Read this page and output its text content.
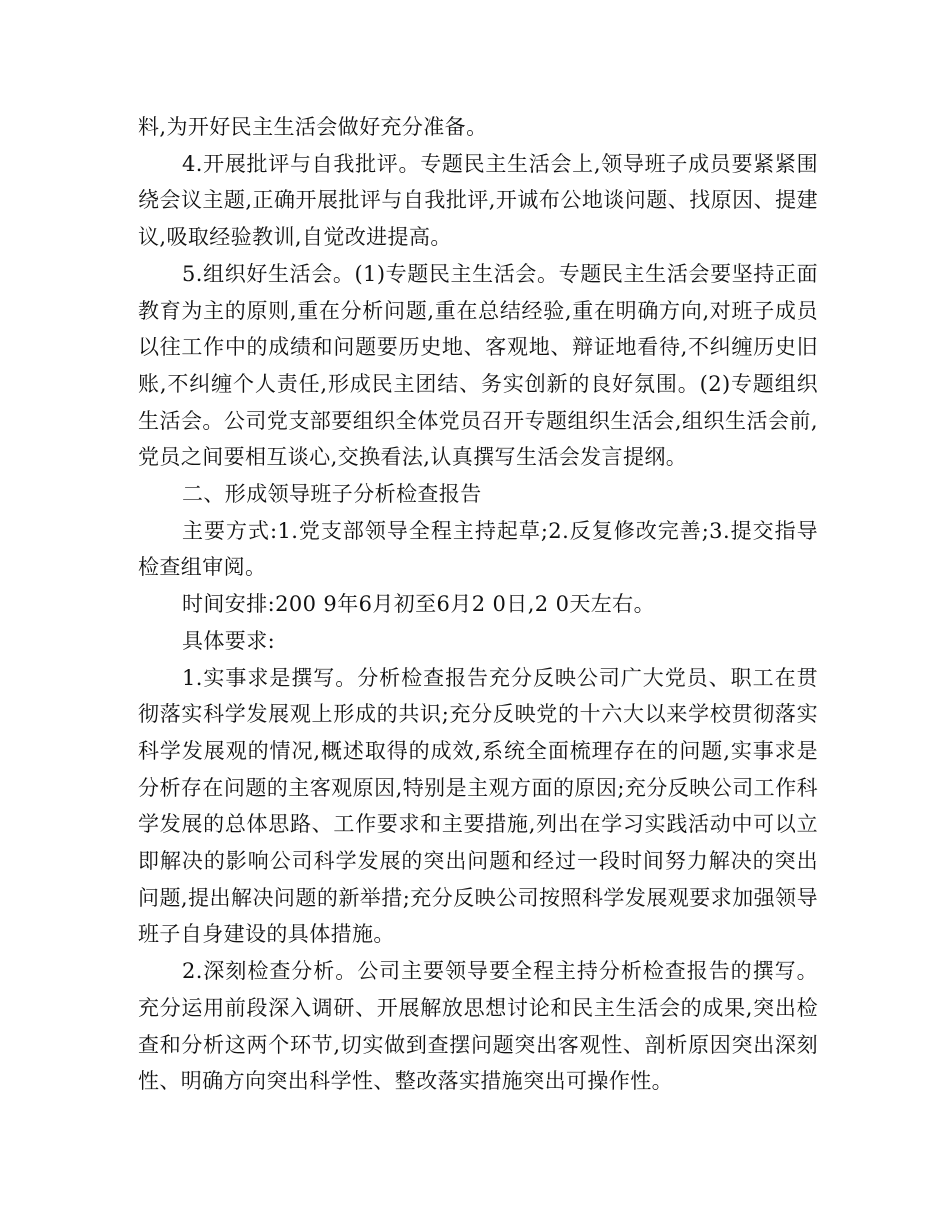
料,为开好民主生活会做好充分准备。

4.开展批评与自我批评。专题民主生活会上,领导班子成员要紧紧围绕会议主题,正确开展批评与自我批评,开诚布公地谈问题、找原因、提建议,吸取经验教训,自觉改进提高。

5.组织好生活会。(1)专题民主生活会。专题民主生活会要坚持正面教育为主的原则,重在分析问题,重在总结经验,重在明确方向,对班子成员以往工作中的成绩和问题要历史地、客观地、辩证地看待,不纠缠历史旧账,不纠缠个人责任,形成民主团结、务实创新的良好氛围。(2)专题组织生活会。公司党支部要组织全体党员召开专题组织生活会,组织生活会前,党员之间要相互谈心,交换看法,认真撰写生活会发言提纲。

二、形成领导班子分析检查报告

主要方式:1.党支部领导全程主持起草;2.反复修改完善;3.提交指导检查组审阅。

时间安排:200 9年6月初至6月2 0日,2 0天左右。

具体要求:

1.实事求是撰写。分析检查报告充分反映公司广大党员、职工在贯彻落实科学发展观上形成的共识;充分反映党的十六大以来学校贯彻落实科学发展观的情况,概述取得的成效,系统全面梳理存在的问题,实事求是分析存在问题的主客观原因,特别是主观方面的原因;充分反映公司工作科学发展的总体思路、工作要求和主要措施,列出在学习实践活动中可以立即解决的影响公司科学发展的突出问题和经过一段时间努力解决的突出问题,提出解决问题的新举措;充分反映公司按照科学发展观要求加强领导班子自身建设的具体措施。

2.深刻检查分析。公司主要领导要全程主持分析检查报告的撰写。充分运用前段深入调研、开展解放思想讨论和民主生活会的成果,突出检查和分析这两个环节,切实做到查摆问题突出客观性、剖析原因突出深刻性、明确方向突出科学性、整改落实措施突出可操作性。
